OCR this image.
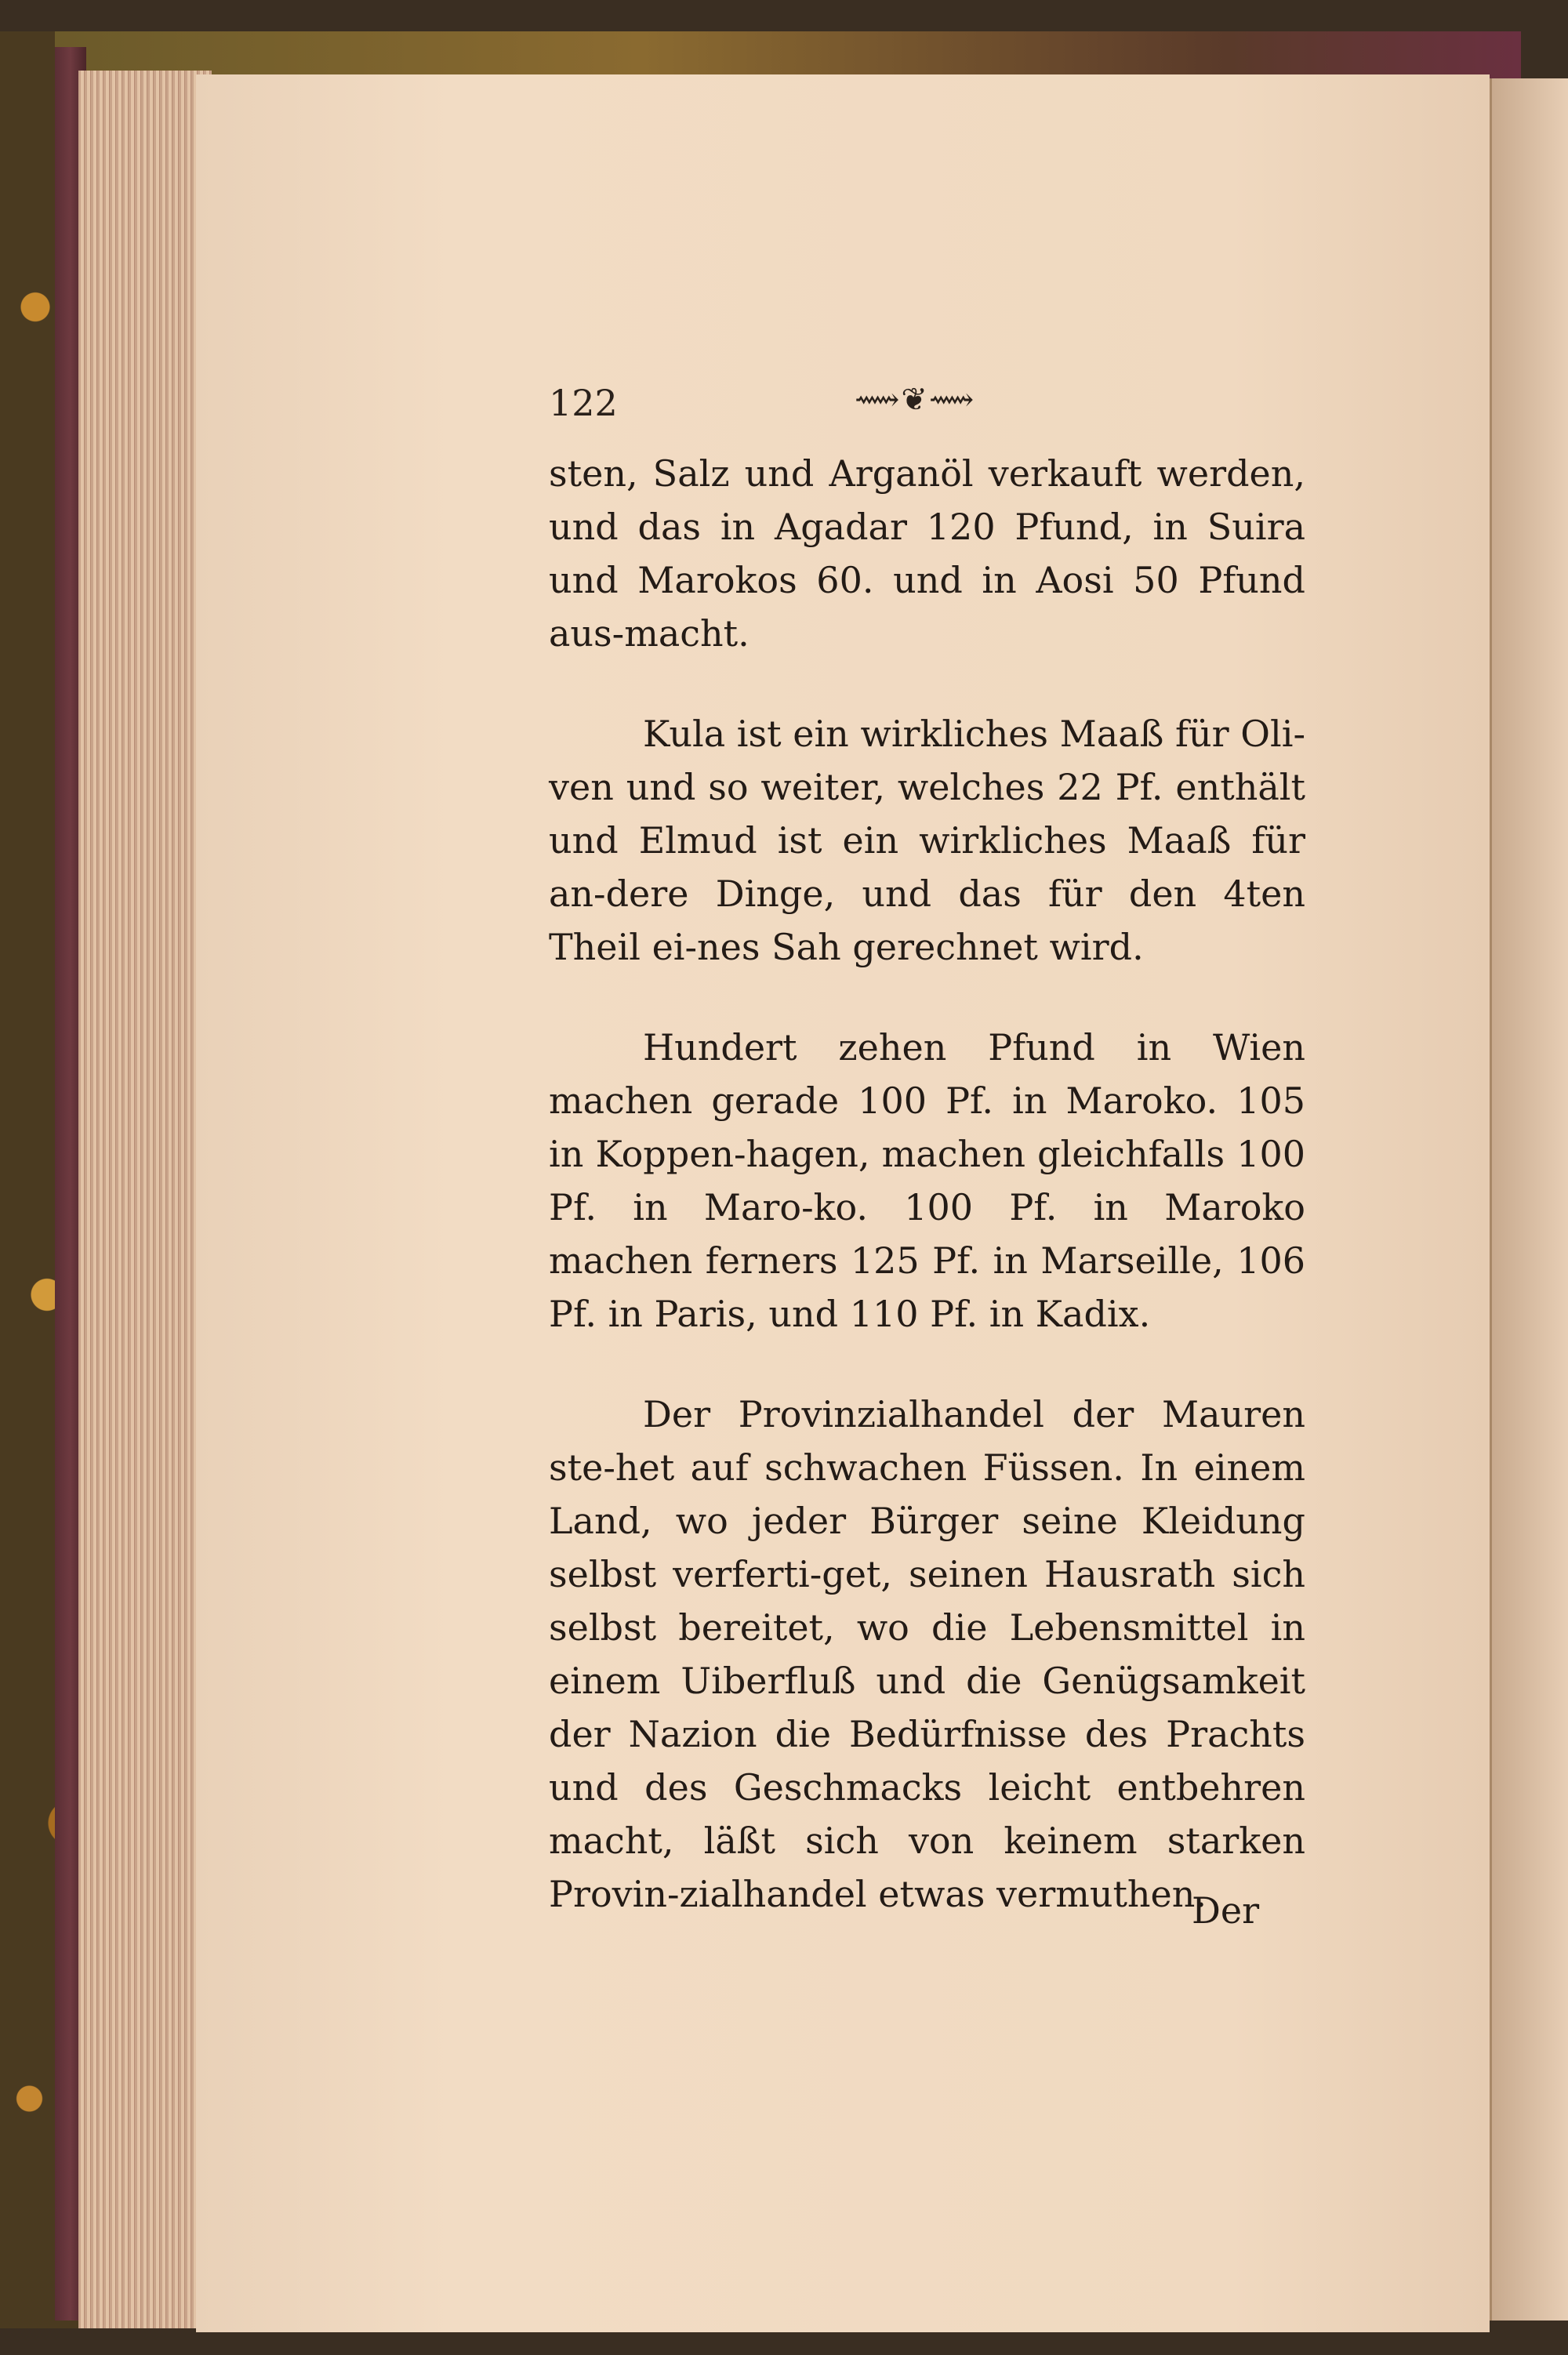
122	⟿❦⟿

sten, Salz und Arganöl verkauft werden, und das in Agadar 120 Pfund, in Suira und Marokos 60. und in Aosi 50 Pfund aus-macht.

Kula ist ein wirkliches Maaß für Oli-ven und so weiter, welches 22 Pf. enthält und Elmud ist ein wirkliches Maaß für an-dere Dinge, und das für den 4ten Theil ei-nes Sah gerechnet wird.

Hundert zehen Pfund in Wien machen gerade 100 Pf. in Maroko. 105 in Koppen-hagen, machen gleichfalls 100 Pf. in Maro-ko. 100 Pf. in Maroko machen ferners 125 Pf. in Marseille, 106 Pf. in Paris, und 110 Pf. in Kadix.

Der Provinzialhandel der Mauren ste-het auf schwachen Füssen. In einem Land, wo jeder Bürger seine Kleidung selbst verferti-get, seinen Hausrath sich selbst bereitet, wo die Lebensmittel in einem Uiberfluß und die Genügsamkeit der Nazion die Bedürfnisse des Prachts und des Geschmacks leicht entbehren macht, läßt sich von keinem starken Provin-zialhandel etwas vermuthen.

Der
